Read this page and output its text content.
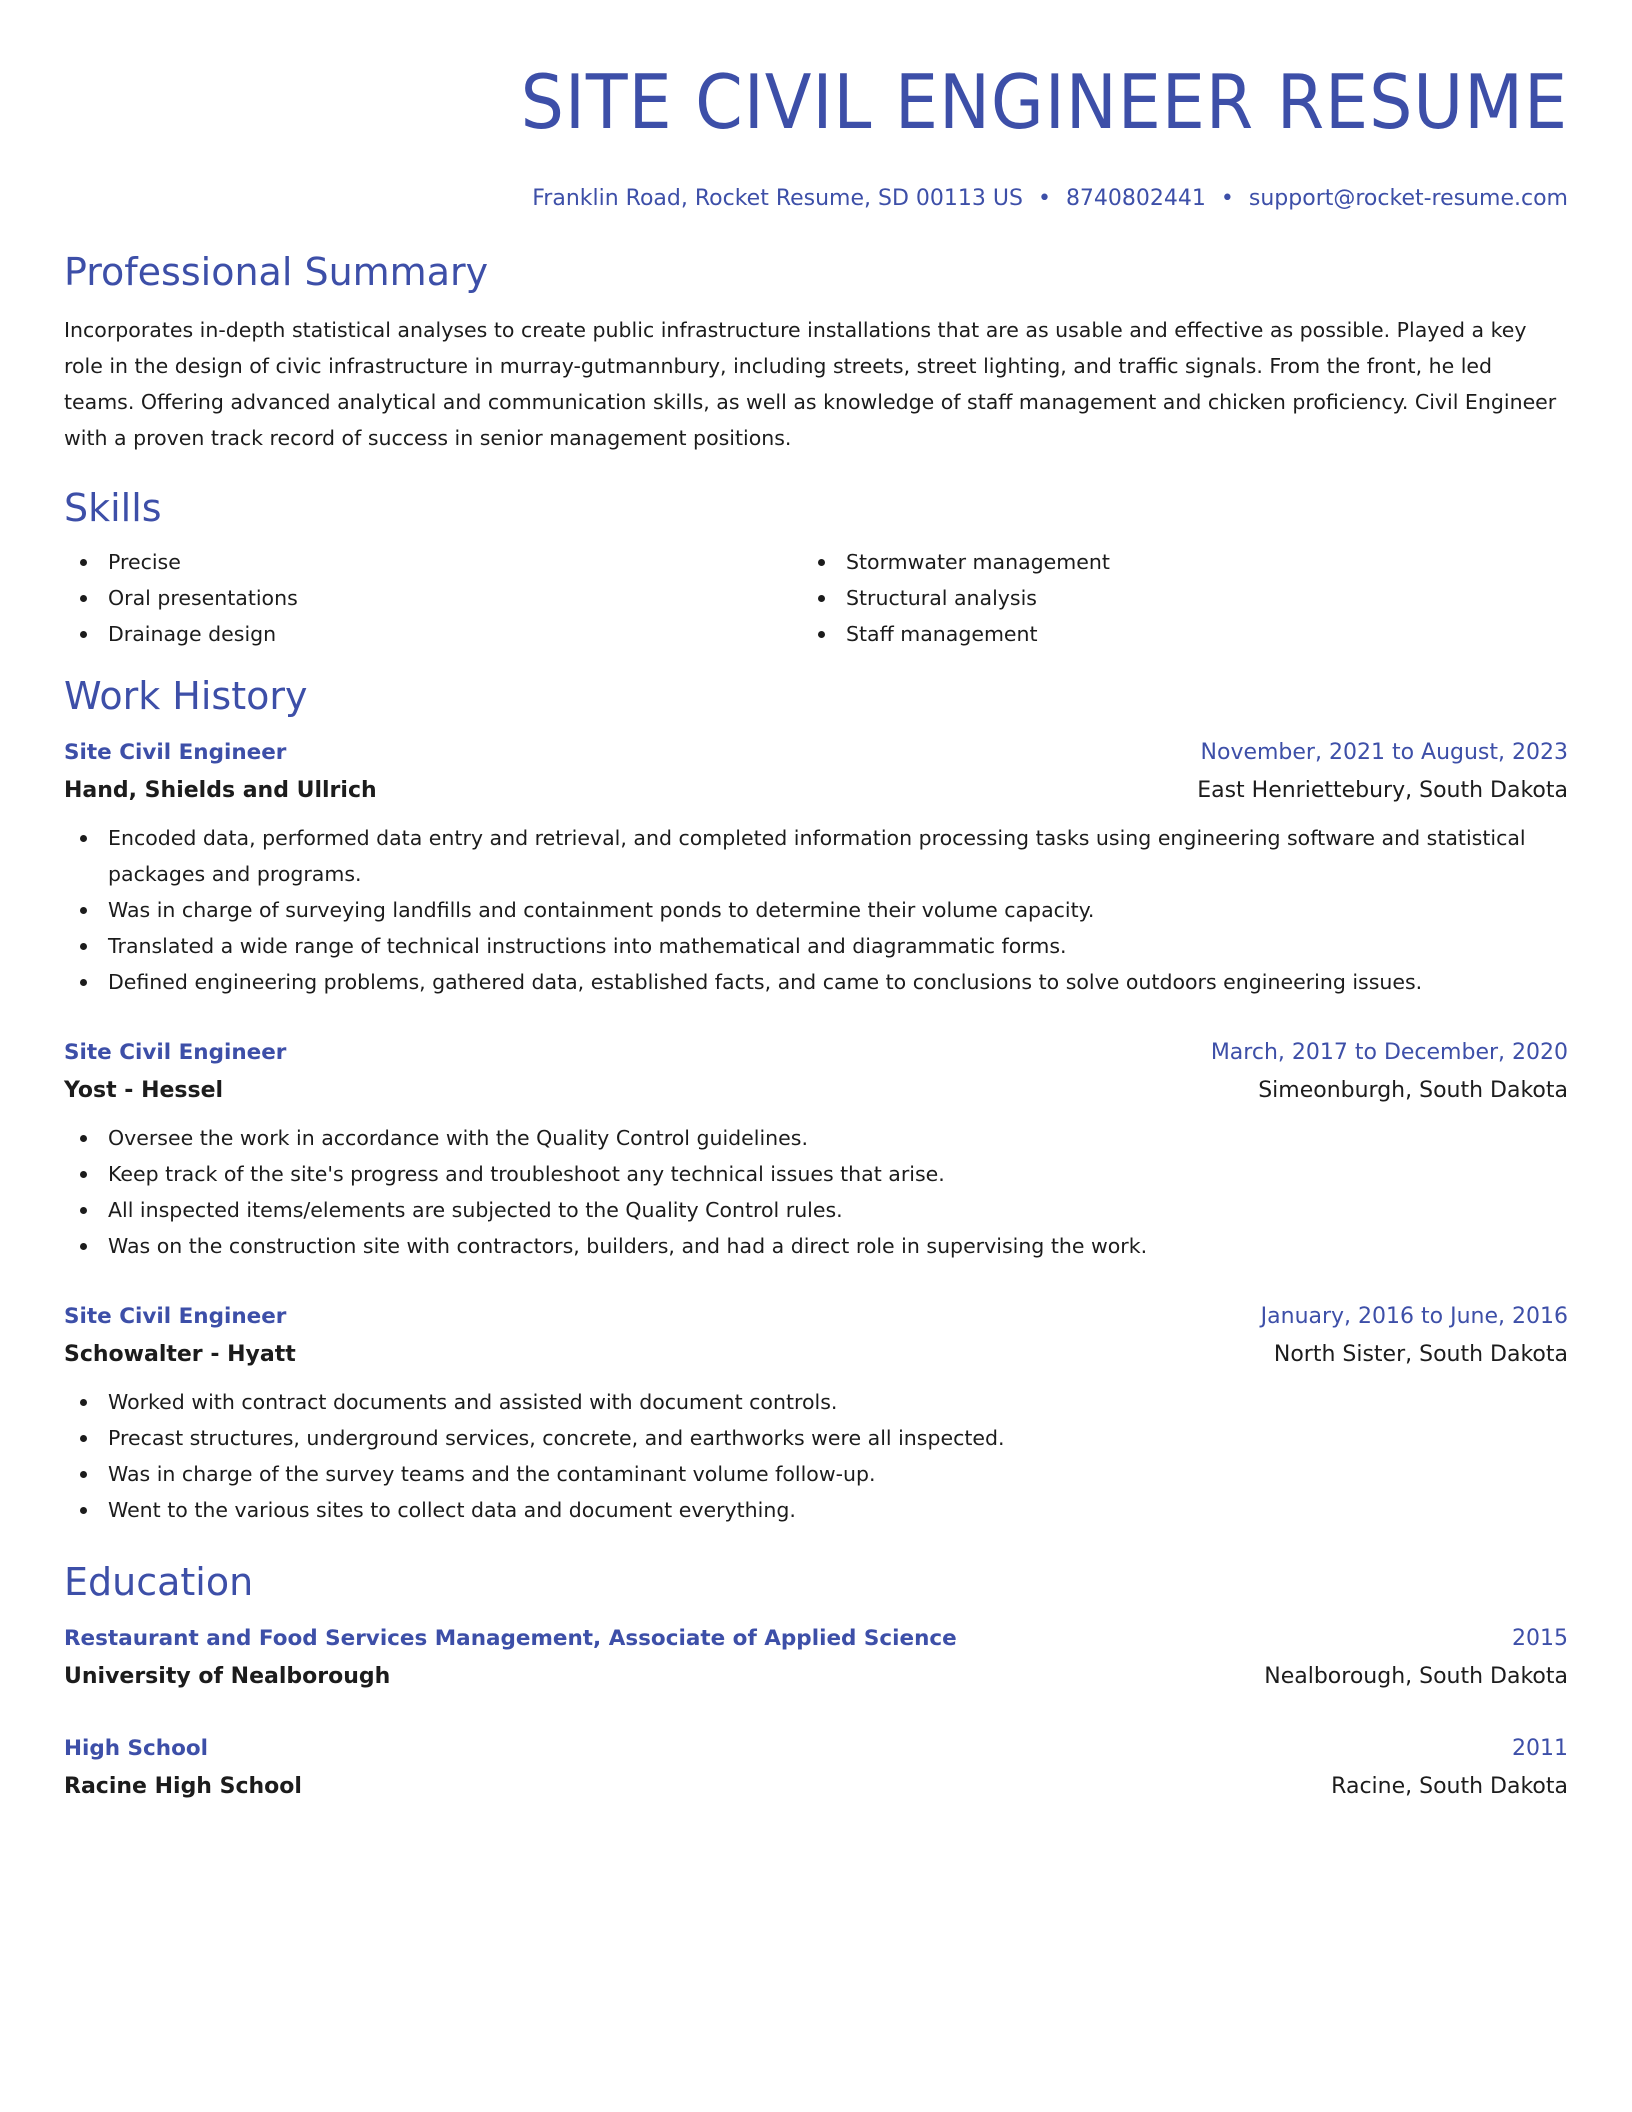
SITE CIVIL ENGINEER RESUME
Franklin Road, Rocket Resume, SD 00113 US • 8740802441 • support@rocket-resume.com
Professional Summary
Incorporates in-depth statistical analyses to create public infrastructure installations that are as usable and effective as possible. Played a key role in the design of civic infrastructure in murray-gutmannbury, including streets, street lighting, and traffic signals. From the front, he led teams. Offering advanced analytical and communication skills, as well as knowledge of staff management and chicken proficiency. Civil Engineer with a proven track record of success in senior management positions.
Skills
Precise
Oral presentations
Drainage design
Stormwater management
Structural analysis
Staff management
Work History
Site Civil Engineer	November, 2021 to August, 2023
Hand, Shields and Ullrich	East Henriettebury, South Dakota
Encoded data, performed data entry and retrieval, and completed information processing tasks using engineering software and statistical packages and programs.
Was in charge of surveying landfills and containment ponds to determine their volume capacity.
Translated a wide range of technical instructions into mathematical and diagrammatic forms.
Defined engineering problems, gathered data, established facts, and came to conclusions to solve outdoors engineering issues.
Site Civil Engineer	March, 2017 to December, 2020
Yost - Hessel	Simeonburgh, South Dakota
Oversee the work in accordance with the Quality Control guidelines.
Keep track of the site's progress and troubleshoot any technical issues that arise.
All inspected items/elements are subjected to the Quality Control rules.
Was on the construction site with contractors, builders, and had a direct role in supervising the work.
Site Civil Engineer	January, 2016 to June, 2016
Schowalter - Hyatt	North Sister, South Dakota
Worked with contract documents and assisted with document controls.
Precast structures, underground services, concrete, and earthworks were all inspected.
Was in charge of the survey teams and the contaminant volume follow-up.
Went to the various sites to collect data and document everything.
Education
Restaurant and Food Services Management, Associate of Applied Science	2015
University of Nealborough	Nealborough, South Dakota
High School	2011
Racine High School	Racine, South Dakota
